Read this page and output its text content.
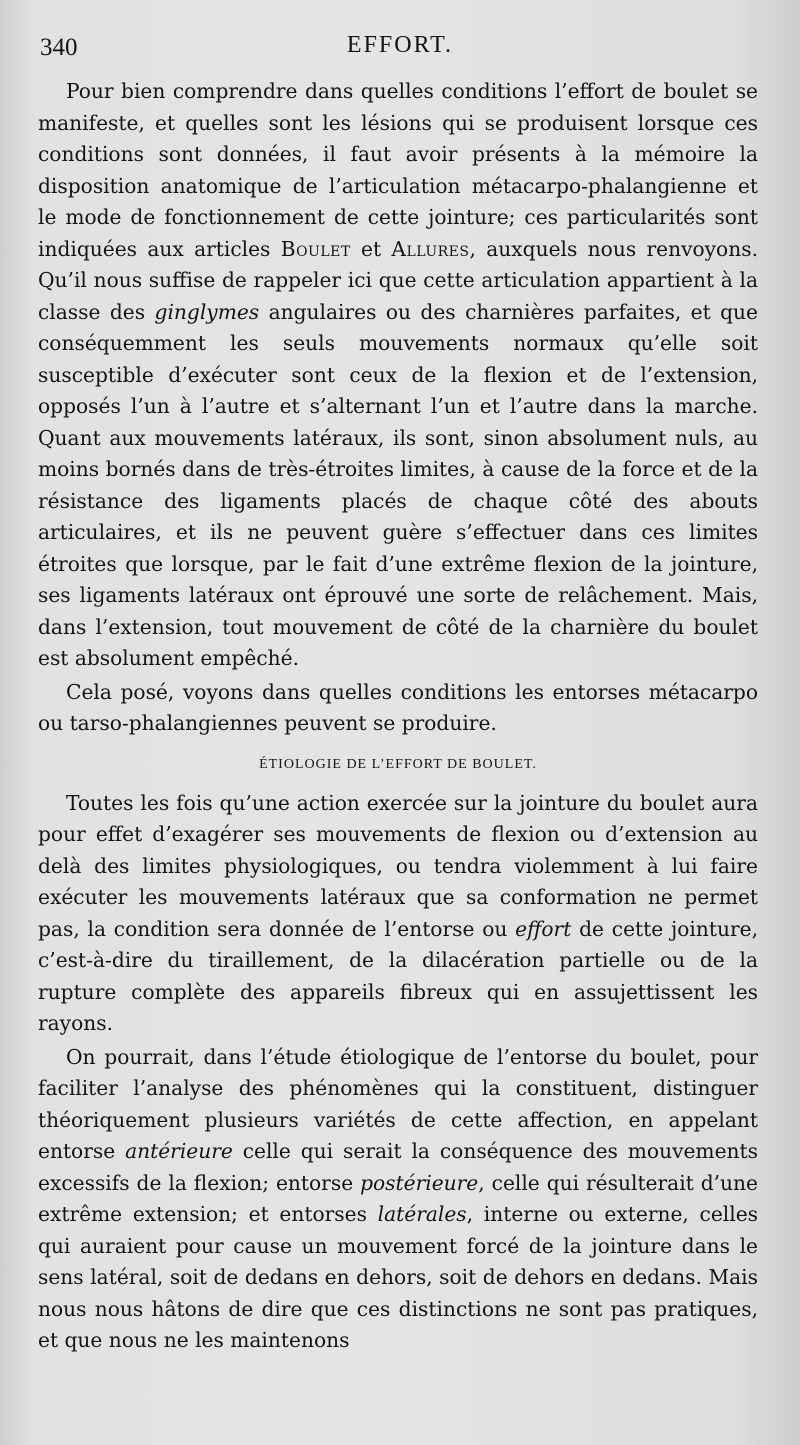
340	EFFORT.

Pour bien comprendre dans quelles conditions l’effort de boulet se manifeste, et quelles sont les lésions qui se produisent lorsque ces conditions sont données, il faut avoir présents à la mémoire la disposition anatomique de l’articulation métacarpo-phalangienne et le mode de fonctionnement de cette jointure; ces particularités sont indiquées aux articles Boulet et Allures, auxquels nous renvoyons. Qu’il nous suffise de rappeler ici que cette articulation appartient à la classe des ginglymes angulaires ou des charnières parfaites, et que conséquemment les seuls mouvements normaux qu’elle soit susceptible d’exécuter sont ceux de la flexion et de l’extension, opposés l’un à l’autre et s’alternant l’un et l’autre dans la marche. Quant aux mouvements latéraux, ils sont, sinon absolument nuls, au moins bornés dans de très-étroites limites, à cause de la force et de la résistance des ligaments placés de chaque côté des abouts articulaires, et ils ne peuvent guère s’effectuer dans ces limites étroites que lorsque, par le fait d’une extrême flexion de la jointure, ses ligaments latéraux ont éprouvé une sorte de relâchement. Mais, dans l’extension, tout mouvement de côté de la charnière du boulet est absolument empêché.

Cela posé, voyons dans quelles conditions les entorses métacarpo ou tarso-phalangiennes peuvent se produire.

ÉTIOLOGIE DE L’EFFORT DE BOULET.

Toutes les fois qu’une action exercée sur la jointure du boulet aura pour effet d’exagérer ses mouvements de flexion ou d’extension au delà des limites physiologiques, ou tendra violemment à lui faire exécuter les mouvements latéraux que sa conformation ne permet pas, la condition sera donnée de l’entorse ou effort de cette jointure, c’est-à-dire du tiraillement, de la dilacération partielle ou de la rupture complète des appareils fibreux qui en assujettissent les rayons.

On pourrait, dans l’étude étiologique de l’entorse du boulet, pour faciliter l’analyse des phénomènes qui la constituent, distinguer théoriquement plusieurs variétés de cette affection, en appelant entorse antérieure celle qui serait la conséquence des mouvements excessifs de la flexion; entorse postérieure, celle qui résulterait d’une extrême extension; et entorses latérales, interne ou externe, celles qui auraient pour cause un mouvement forcé de la jointure dans le sens latéral, soit de dedans en dehors, soit de dehors en dedans. Mais nous nous hâtons de dire que ces distinctions ne sont pas pratiques, et que nous ne les maintenons
